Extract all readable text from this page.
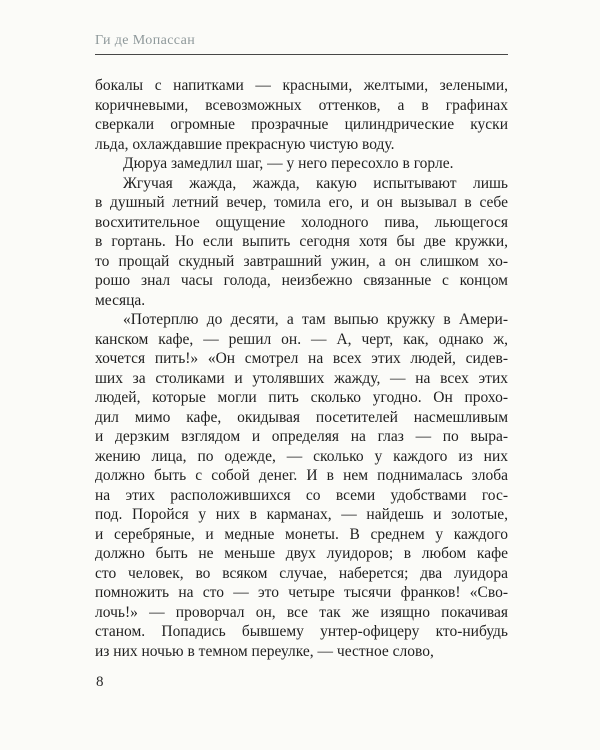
Ги де Мопассан
бокалы с напитками — красными, желтыми, зелеными,
коричневыми, всевозможных оттенков, а в графинах
сверкали огромные прозрачные цилиндрические куски
льда, охлаждавшие прекрасную чистую воду.
Дюруа замедлил шаг, — у него пересохло в горле.
Жгучая жажда, жажда, какую испытывают лишь
в душный летний вечер, томила его, и он вызывал в себе
восхитительное ощущение холодного пива, льющегося
в гортань. Но если выпить сегодня хотя бы две кружки,
то прощай скудный завтрашний ужин, а он слишком хо-
рошо знал часы голода, неизбежно связанные с концом
месяца.
«Потерплю до десяти, а там выпью кружку в Амери-
канском кафе, — решил он. — А, черт, как, однако ж,
хочется пить!» «Он смотрел на всех этих людей, сидев-
ших за столиками и утолявших жажду, — на всех этих
людей, которые могли пить сколько угодно. Он прохо-
дил мимо кафе, окидывая посетителей насмешливым
и дерзким взглядом и определяя на глаз — по выра-
жению лица, по одежде, — сколько у каждого из них
должно быть с собой денег. И в нем поднималась злоба
на этих расположившихся со всеми удобствами гос-
под. Поройся у них в карманах, — найдешь и золотые,
и серебряные, и медные монеты. В среднем у каждого
должно быть не меньше двух луидоров; в любом кафе
сто человек, во всяком случае, наберется; два луидора
помножить на сто — это четыре тысячи франков! «Сво-
лочь!» — проворчал он, все так же изящно покачивая
станом. Попадись бывшему унтер-офицеру кто-нибудь
из них ночью в темном переулке, — честное слово,
8
